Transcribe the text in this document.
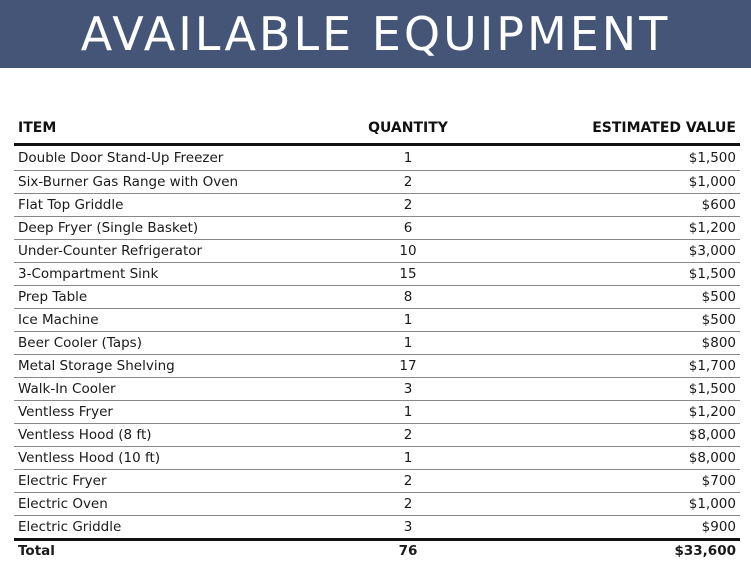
AVAILABLE EQUIPMENT
ITEM	QUANTITY	ESTIMATED VALUE
Double Door Stand-Up Freezer	1	$1,500
Six-Burner Gas Range with Oven	2	$1,000
Flat Top Griddle	2	$600
Deep Fryer (Single Basket)	6	$1,200
Under-Counter Refrigerator	10	$3,000
3-Compartment Sink	15	$1,500
Prep Table	8	$500
Ice Machine	1	$500
Beer Cooler (Taps)	1	$800
Metal Storage Shelving	17	$1,700
Walk-In Cooler	3	$1,500
Ventless Fryer	1	$1,200
Ventless Hood (8 ft)	2	$8,000
Ventless Hood (10 ft)	1	$8,000
Electric Fryer	2	$700
Electric Oven	2	$1,000
Electric Griddle	3	$900
Total	76	$33,600
